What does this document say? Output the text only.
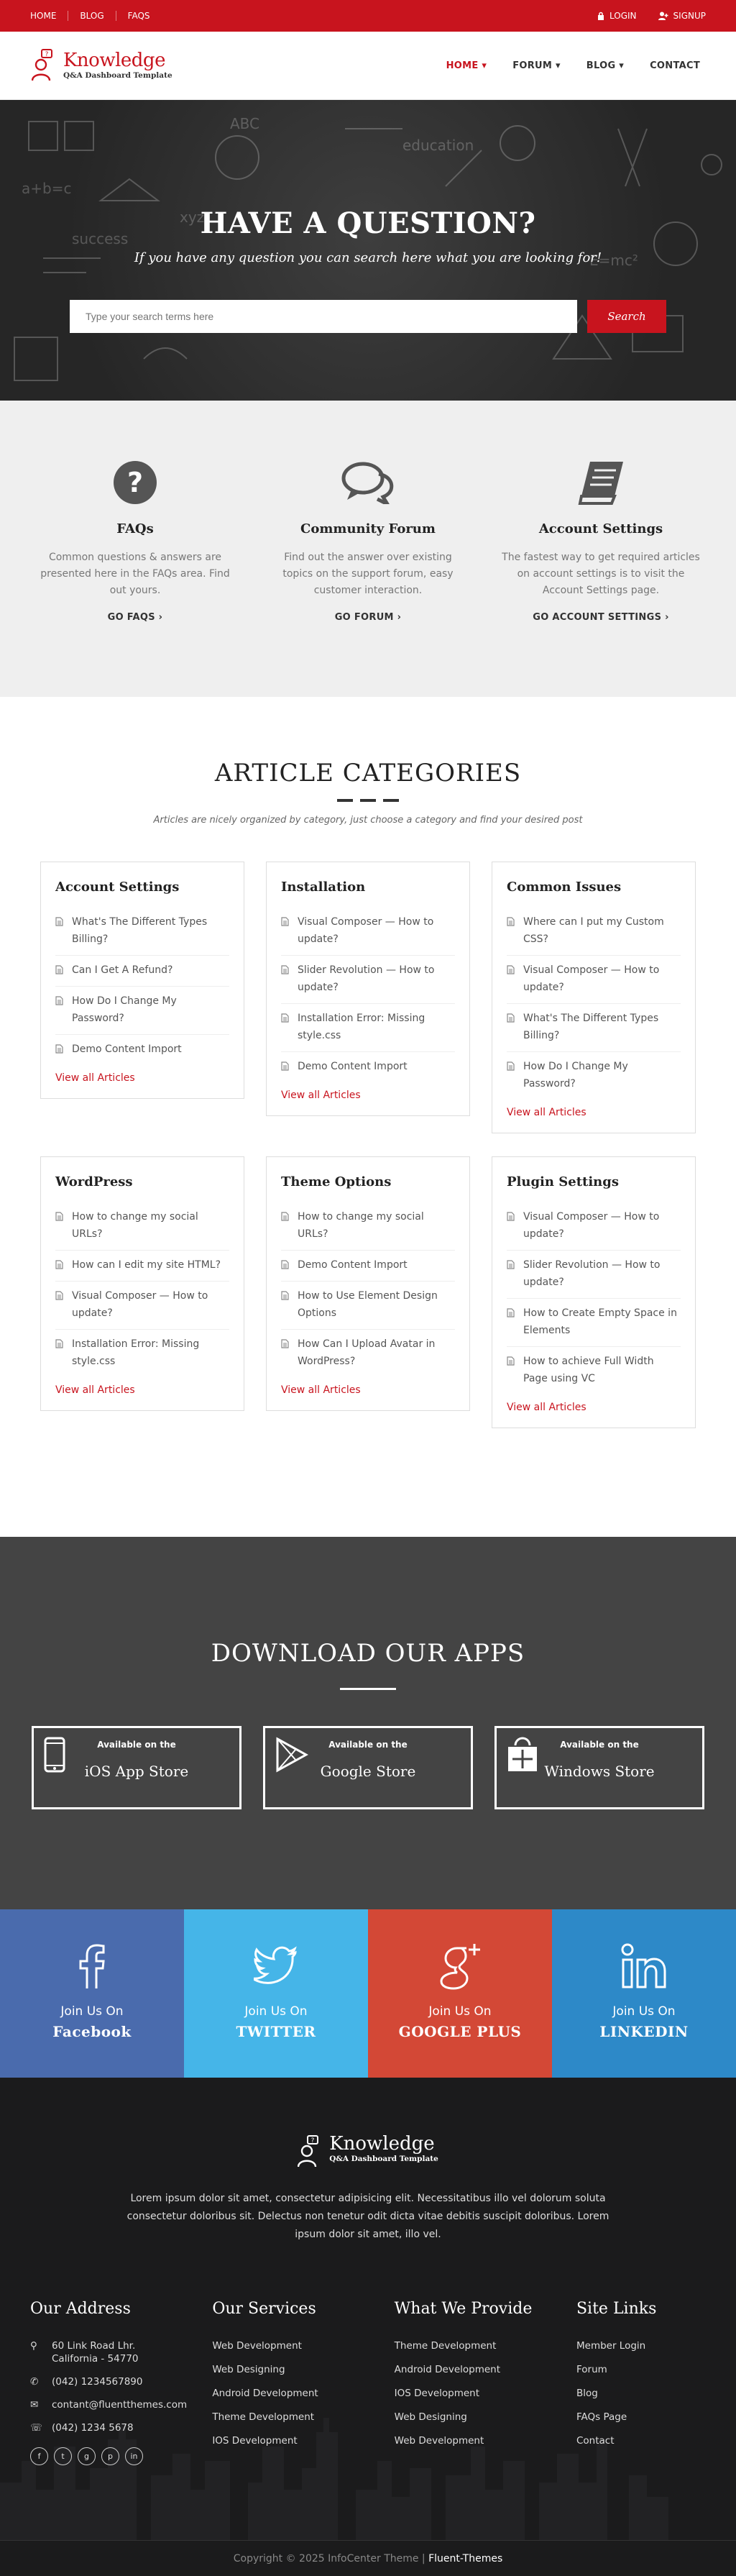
HOME	BLOG	FAQS	LOGIN	SIGNUP
? Knowledge
Q&A Dashboard Template
HOME ▾	FORUM ▾	BLOG ▾	CONTACT
ABC
education
success
a+b=c
xyz
E=mc²
HAVE A QUESTION?

If you have any question you can search here what you are looking for!

Type your search terms here
Search
?
FAQs

Common questions & answers are presented here in the FAQs area. Find out yours.

GO FAQS ›
Community Forum

Find out the answer over existing topics on the support forum, easy customer interaction.

GO FORUM ›
Account Settings

The fastest way to get required articles on account settings is to visit the Account Settings page.

GO ACCOUNT SETTINGS ›
ARTICLE CATEGORIES

Articles are nicely organized by category, just choose a category and find your desired post

Account Settings
What's The Different Types Billing?
Can I Get A Refund?
How Do I Change My Password?
Demo Content Import
View all Articles
Installation
Visual Composer — How to update?
Slider Revolution — How to update?
Installation Error: Missing style.css
Demo Content Import
View all Articles
Common Issues
Where can I put my Custom CSS?
Visual Composer — How to update?
What's The Different Types Billing?
How Do I Change My Password?
View all Articles
WordPress
How to change my social URLs?
How can I edit my site HTML?
Visual Composer — How to update?
Installation Error: Missing style.css
View all Articles
Theme Options
How to change my social URLs?
Demo Content Import
How to Use Element Design Options
How Can I Upload Avatar in WordPress?
View all Articles
Plugin Settings
Visual Composer — How to update?
Slider Revolution — How to update?
How to Create Empty Space in Elements
How to achieve Full Width Page using VC
View all Articles
DOWNLOAD OUR APPS
Available on the
iOS App Store
Available on the
Google Store
Available on the
Windows Store
Join Us On
Facebook
Join Us On
TWITTER
Join Us On
GOOGLE PLUS
Join Us On
LINKEDIN
? Knowledge
Q&A Dashboard Template

Lorem ipsum dolor sit amet, consectetur adipisicing elit. Necessitatibus illo vel dolorum soluta consectetur doloribus sit. Delectus non tenetur odit dicta vitae debitis suscipit doloribus. Lorem ipsum dolor sit amet, illo vel.

Our Address
⚲	60 Link Road Lhr. California - 54770
✆	(042) 1234567890
✉	contant@fluentthemes.com
☏ (042) 1234 5678
f	t	g	p	in
Our Services
Web Development
Web Designing
Android Development
Theme Development
IOS Development
What We Provide
Theme Development
Android Development
IOS Development
Web Designing
Web Development
Site Links
Member Login
Forum
Blog
FAQs Page
Contact
Copyright © 2025 InfoCenter Theme |
Fluent-Themes
